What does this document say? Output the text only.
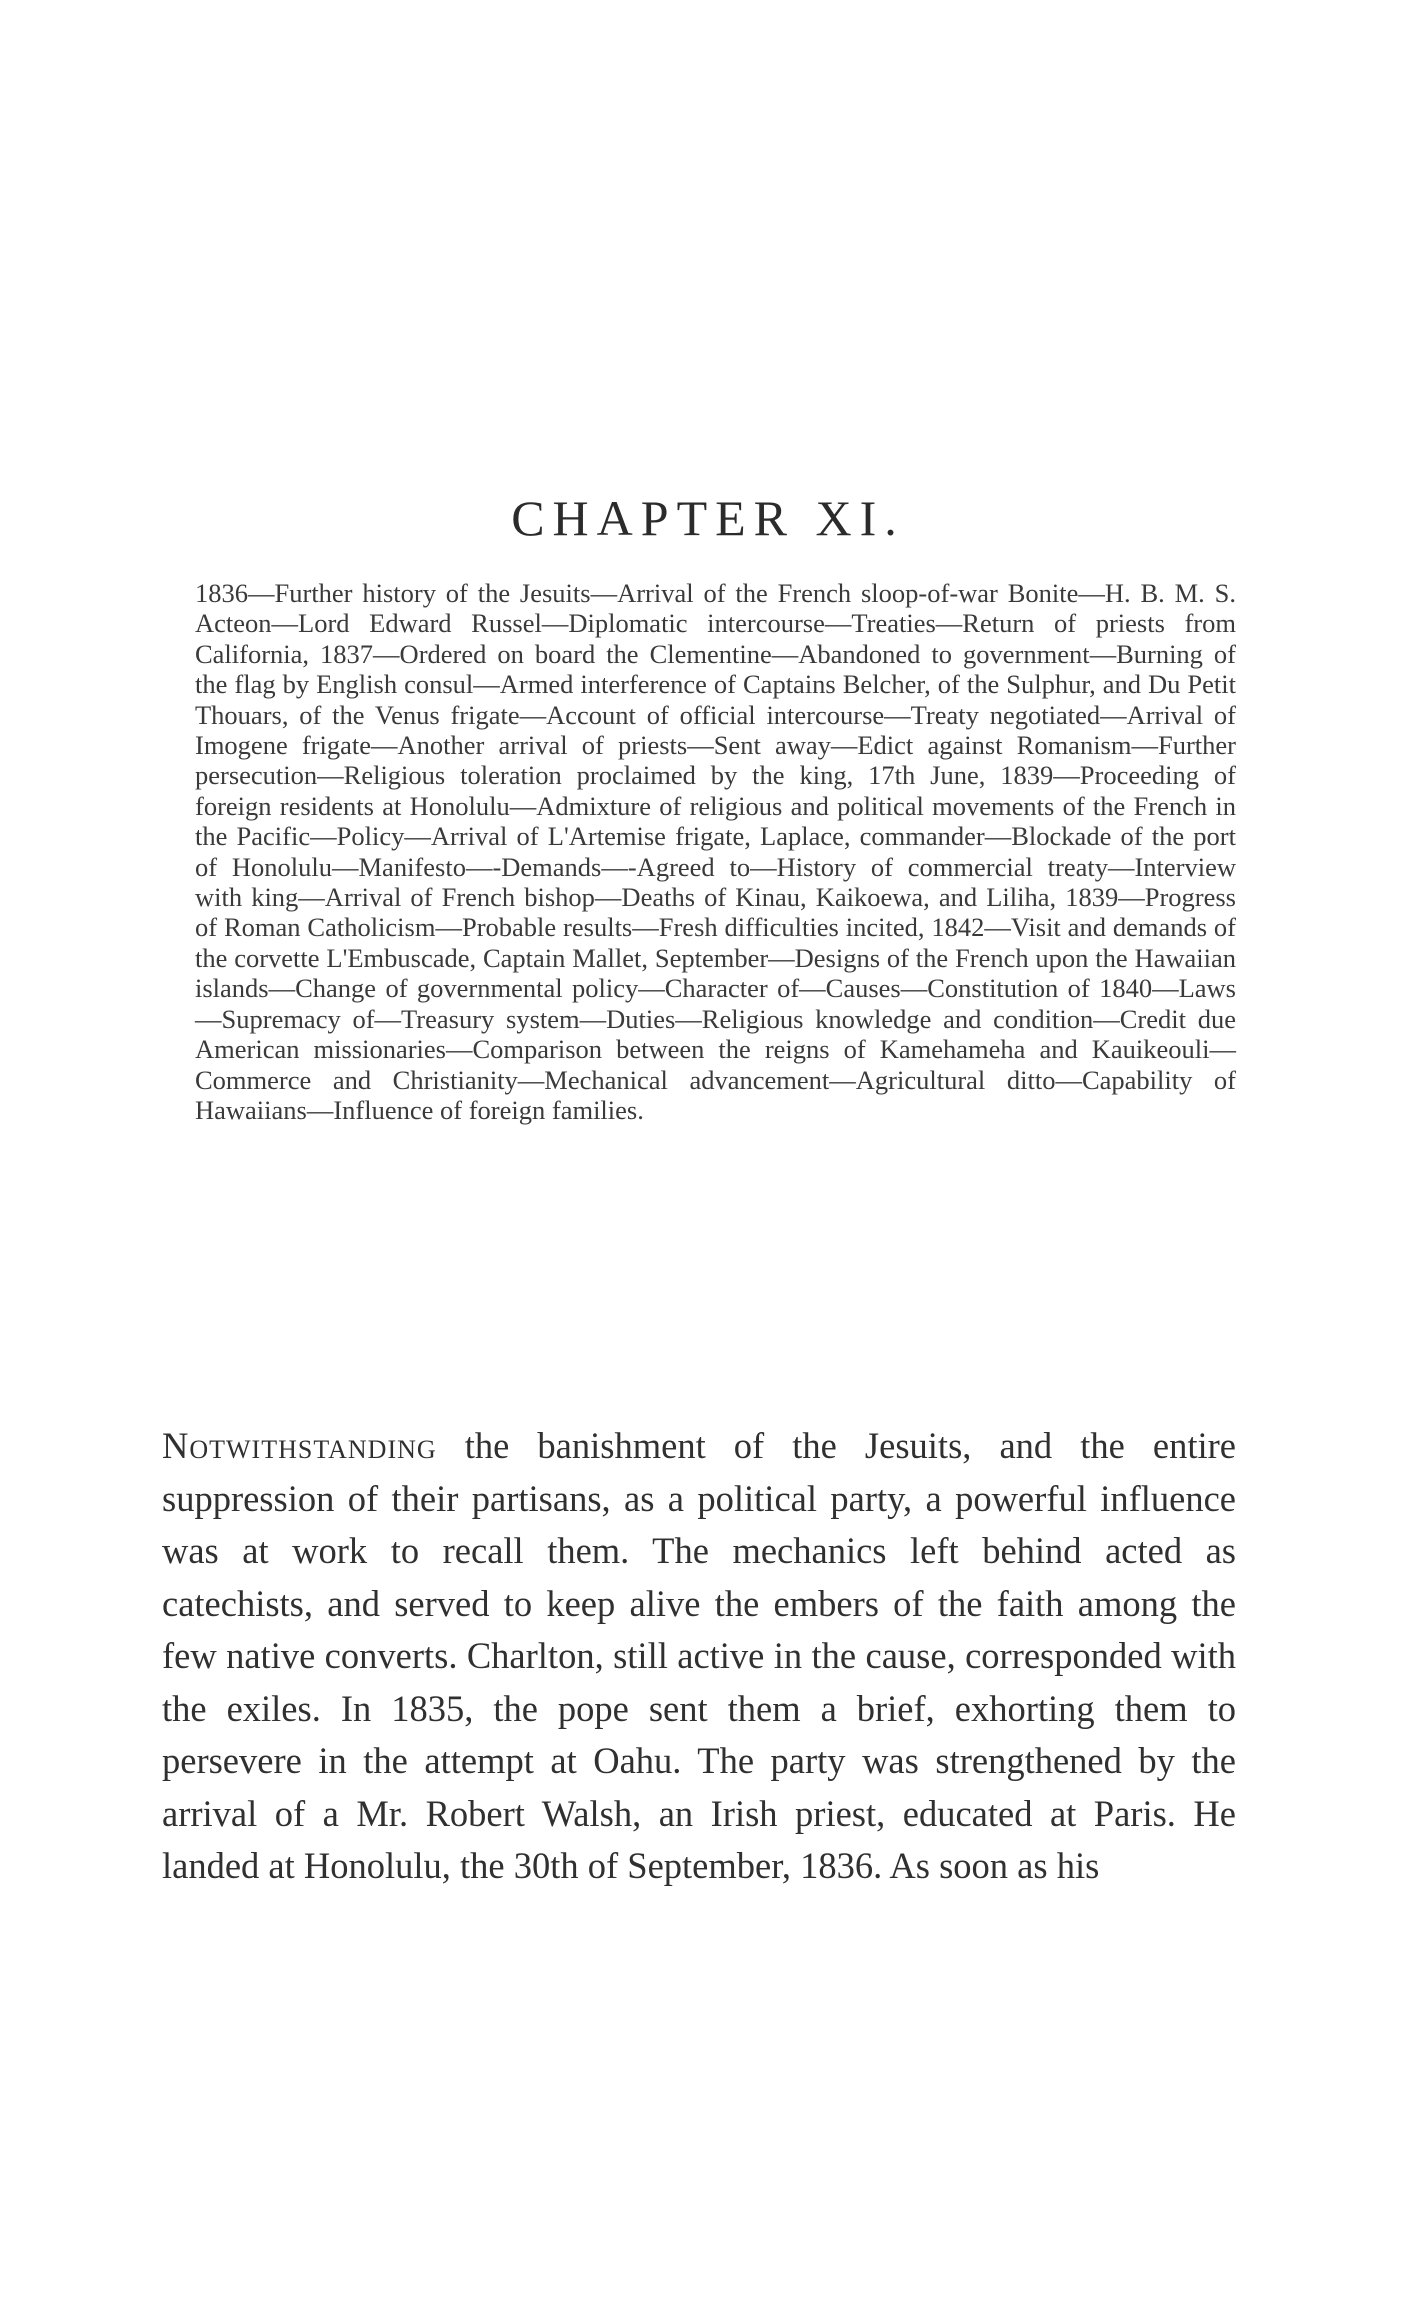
CHAPTER XI.

1836—Further history of the Jesuits—Arrival of the French sloop-of-war Bonite—H. B. M. S. Acteon—Lord Edward Russel—Diplomatic intercourse—Treaties—Return of priests from California, 1837—Ordered on board the Clementine—Abandoned to government—Burning of the flag by English consul—Armed interference of Captains Belcher, of the Sulphur, and Du Petit Thouars, of the Venus frigate—Account of official intercourse—Treaty negotiated—Arrival of Imogene frigate—Another arrival of priests—Sent away—Edict against Romanism—Further persecution—Religious toleration proclaimed by the king, 17th June, 1839—Proceeding of foreign residents at Honolulu—Admixture of religious and political movements of the French in the Pacific—Policy—Arrival of L'Artemise frigate, Laplace, commander—Blockade of the port of Honolulu—Manifesto—-Demands—-Agreed to—History of commercial treaty—Interview with king—Arrival of French bishop—Deaths of Kinau, Kaikoewa, and Liliha, 1839—Progress of Roman Catholicism—Probable results—Fresh difficulties incited, 1842—Visit and demands of the corvette L'Embuscade, Captain Mallet, September—Designs of the French upon the Hawaiian islands—Change of governmental policy—Character of—Causes—Constitution of 1840—Laws—Supremacy of—Treasury system—Duties—Religious knowledge and condition—Credit due American missionaries—Comparison between the reigns of Kamehameha and Kauikeouli—Commerce and Christianity—Mechanical advancement—Agricultural ditto—Capability of Hawaiians—Influence of foreign families.

Notwithstanding the banishment of the Jesuits, and the entire suppression of their partisans, as a political party, a powerful influence was at work to recall them. The mechanics left behind acted as catechists, and served to keep alive the embers of the faith among the few native converts. Charlton, still active in the cause, corresponded with the exiles. In 1835, the pope sent them a brief, exhorting them to persevere in the attempt at Oahu. The party was strengthened by the arrival of a Mr. Robert Walsh, an Irish priest, educated at Paris. He landed at Honolulu, the 30th of September, 1836. As soon as his
